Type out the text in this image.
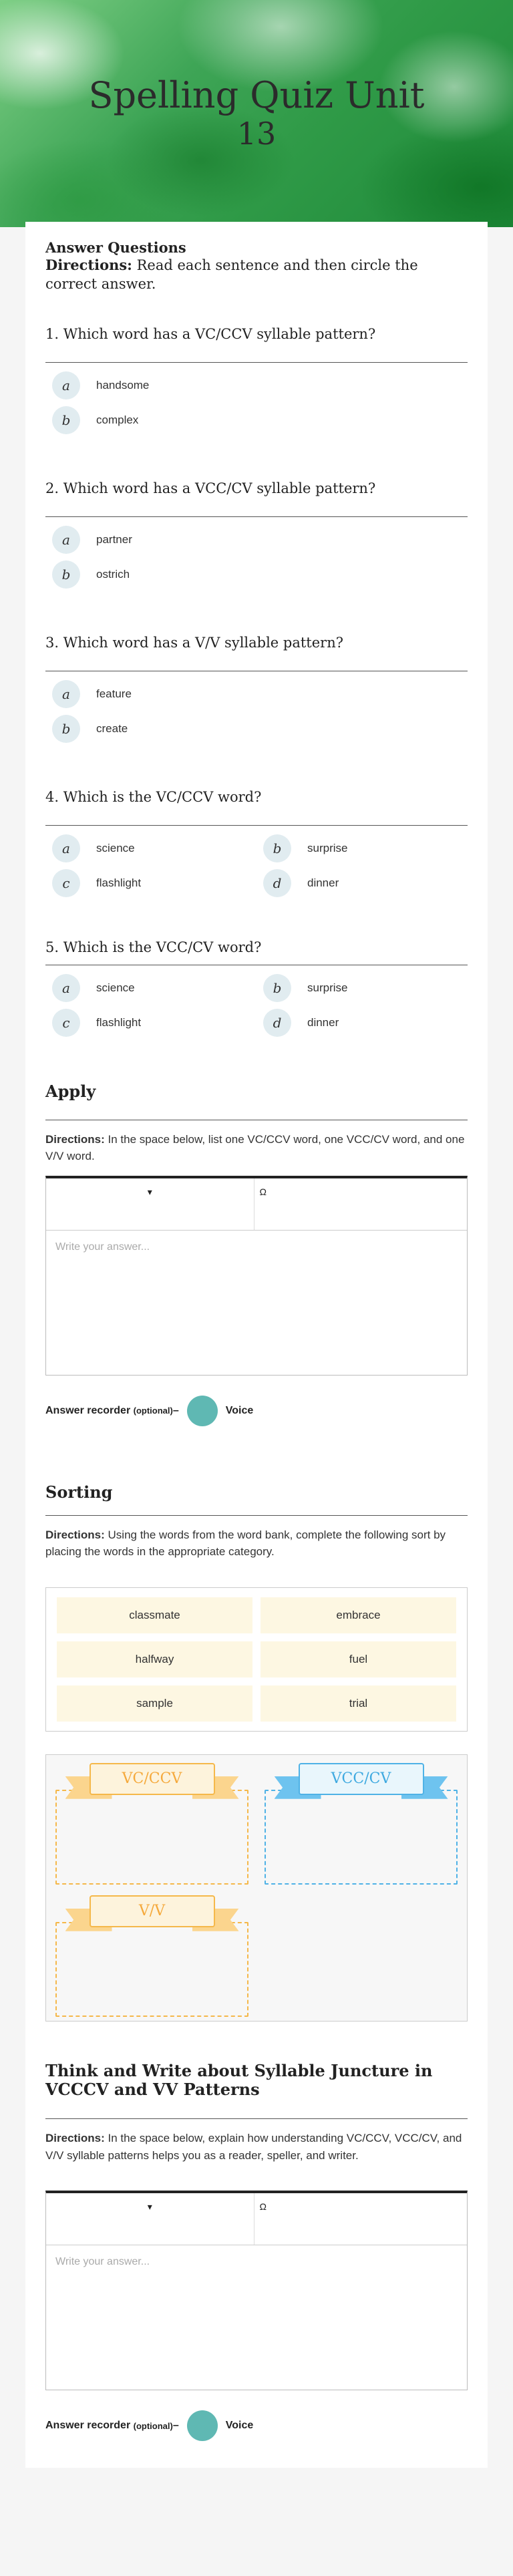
Spelling Quiz Unit
13
Answer Questions
Directions: Read each sentence and then circle the correct answer.
1. Which word has a VC/CCV syllable pattern?
a	handsome
b	complex
2. Which word has a VCC/CV syllable pattern?
a	partner
b	ostrich
3. Which word has a V/V syllable pattern?
a	feature
b	create
4. Which is the VC/CCV word?
a	science	b	surprise
c	flashlight	d	dinner
5. Which is the VCC/CV word?
a	science	b	surprise
c	flashlight	d	dinner
Apply
Directions: In the space below, list one VC/CCV word, one VCC/CV word, and one V/V word.
▾	Ω
Write your answer...
Answer recorder
(optional) –	Voice
Sorting
Directions: Using the words from the word bank, complete the following sort by placing the words in the appropriate category.
classmate	embrace
halfway	fuel
sample	trial
VC/CCV	VCC/CV
V/V
Think and Write about Syllable Juncture in VCCCV and VV Patterns
Directions: In the space below, explain how understanding VC/CCV, VCC/CV, and V/V syllable patterns helps you as a reader, speller, and writer.
▾	Ω
Write your answer...
Answer recorder
(optional) –	Voice
